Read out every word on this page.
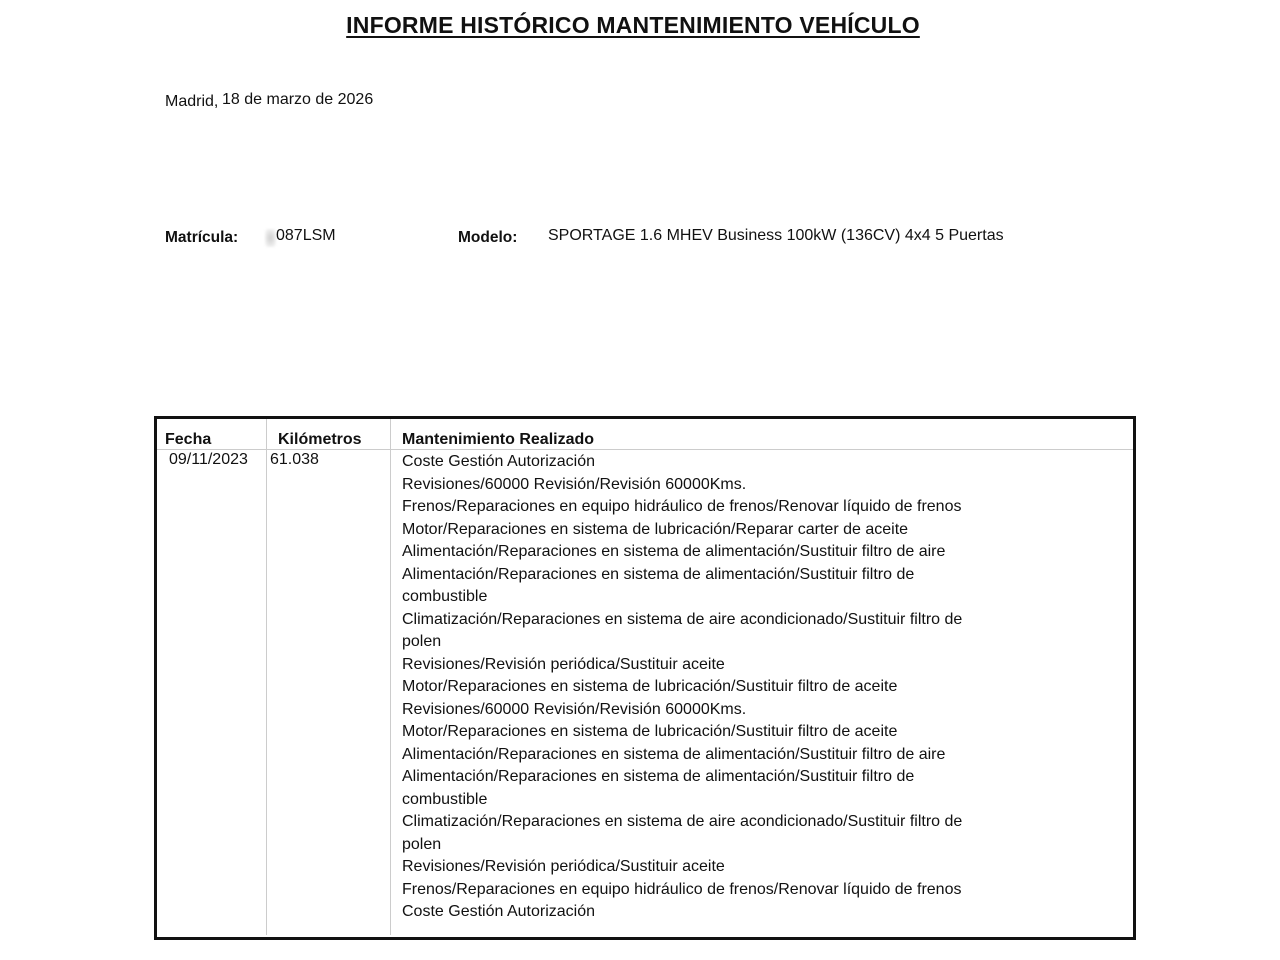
INFORME HISTÓRICO MANTENIMIENTO VEHÍCULO
Madrid, 18 de marzo de 2026
Matrícula: 087LSM	Modelo: SPORTAGE 1.6 MHEV Business 100kW (136CV) 4x4 5 Puertas
Fecha	Kilómetros	Mantenimiento Realizado
09/11/2023 61.038	Coste Gestión Autorización
Revisiones/60000 Revisión/Revisión 60000Kms.
Frenos/Reparaciones en equipo hidráulico de frenos/Renovar líquido de frenos
Motor/Reparaciones en sistema de lubricación/Reparar carter de aceite
Alimentación/Reparaciones en sistema de alimentación/Sustituir filtro de aire
Alimentación/Reparaciones en sistema de alimentación/Sustituir filtro de combustible
Climatización/Reparaciones en sistema de aire acondicionado/Sustituir filtro de polen
Revisiones/Revisión periódica/Sustituir aceite
Motor/Reparaciones en sistema de lubricación/Sustituir filtro de aceite
Revisiones/60000 Revisión/Revisión 60000Kms.
Motor/Reparaciones en sistema de lubricación/Sustituir filtro de aceite
Alimentación/Reparaciones en sistema de alimentación/Sustituir filtro de aire
Alimentación/Reparaciones en sistema de alimentación/Sustituir filtro de combustible
Climatización/Reparaciones en sistema de aire acondicionado/Sustituir filtro de polen
Revisiones/Revisión periódica/Sustituir aceite
Frenos/Reparaciones en equipo hidráulico de frenos/Renovar líquido de frenos
Coste Gestión Autorización
